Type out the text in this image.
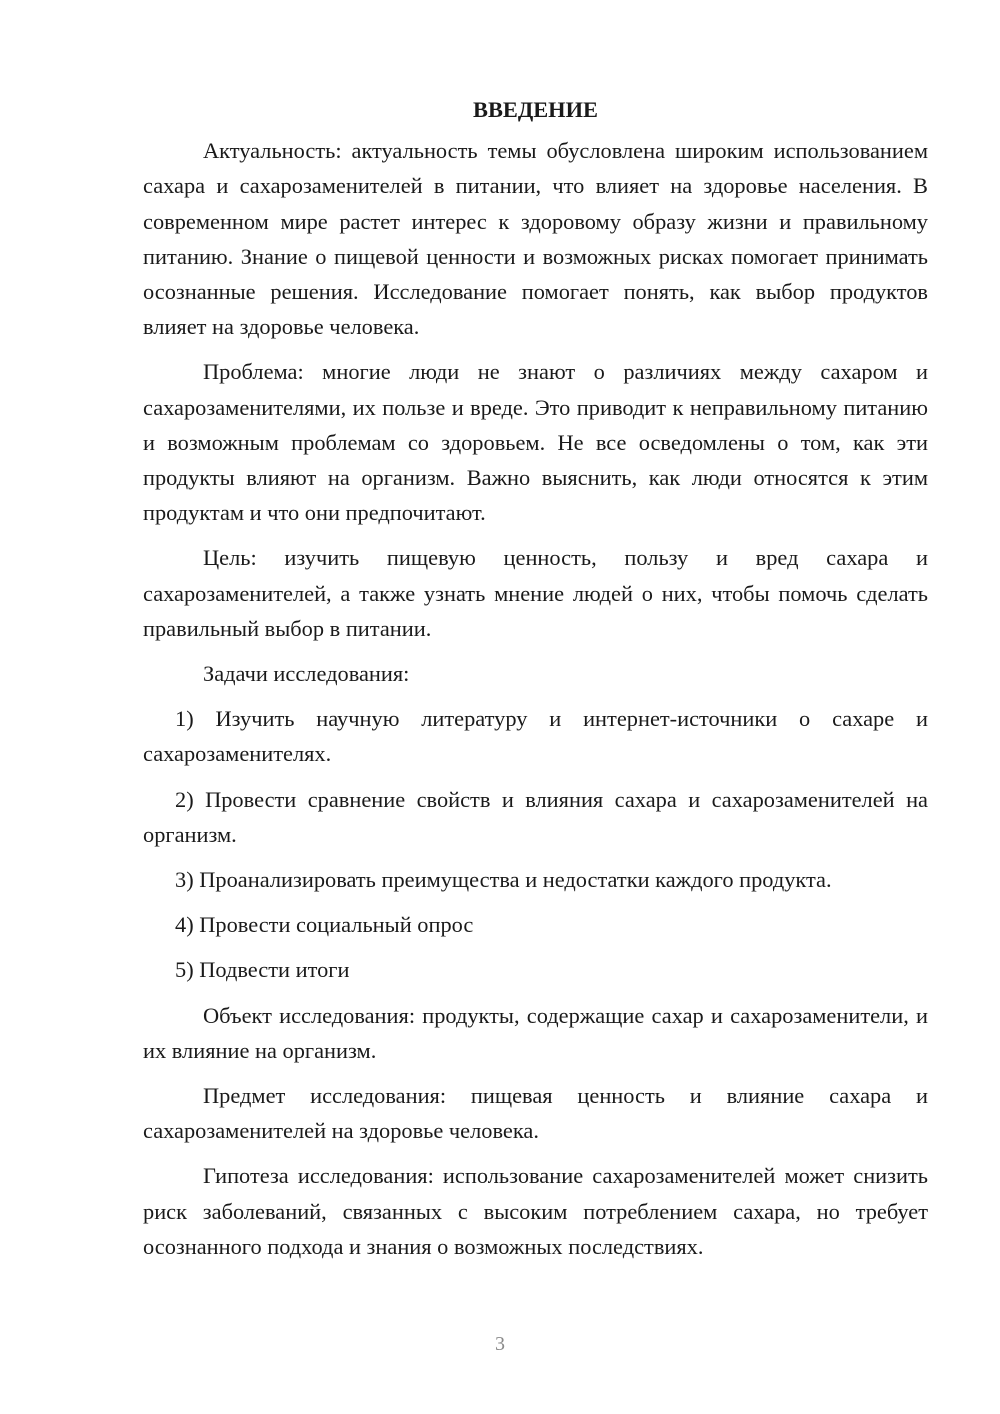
ВВЕДЕНИЕ

Актуальность: актуальность темы обусловлена широким использованием сахара и сахарозаменителей в питании, что влияет на здоровье населения. В современном мире растет интерес к здоровому образу жизни и правильному питанию. Знание о пищевой ценности и возможных рисках помогает принимать осознанные решения. Исследование помогает понять, как выбор продуктов влияет на здоровье человека.

Проблема: многие люди не знают о различиях между сахаром и сахарозаменителями, их пользе и вреде. Это приводит к неправильному питанию и возможным проблемам со здоровьем. Не все осведомлены о том, как эти продукты влияют на организм. Важно выяснить, как люди относятся к этим продуктам и что они предпочитают.

Цель: изучить пищевую ценность, пользу и вред сахара и сахарозаменителей, а также узнать мнение людей о них, чтобы помочь сделать правильный выбор в питании.

Задачи исследования:

1) Изучить научную литературу и интернет-источники о сахаре и сахарозаменителях.

2) Провести сравнение свойств и влияния сахара и сахарозаменителей на организм.

3) Проанализировать преимущества и недостатки каждого продукта.

4) Провести социальный опрос

5) Подвести итоги

Объект исследования: продукты, содержащие сахар и сахарозаменители, и их влияние на организм.

Предмет исследования: пищевая ценность и влияние сахара и сахарозаменителей на здоровье человека.

Гипотеза исследования: использование сахарозаменителей может снизить риск заболеваний, связанных с высоким потреблением сахара, но требует осознанного подхода и знания о возможных последствиях.

3
